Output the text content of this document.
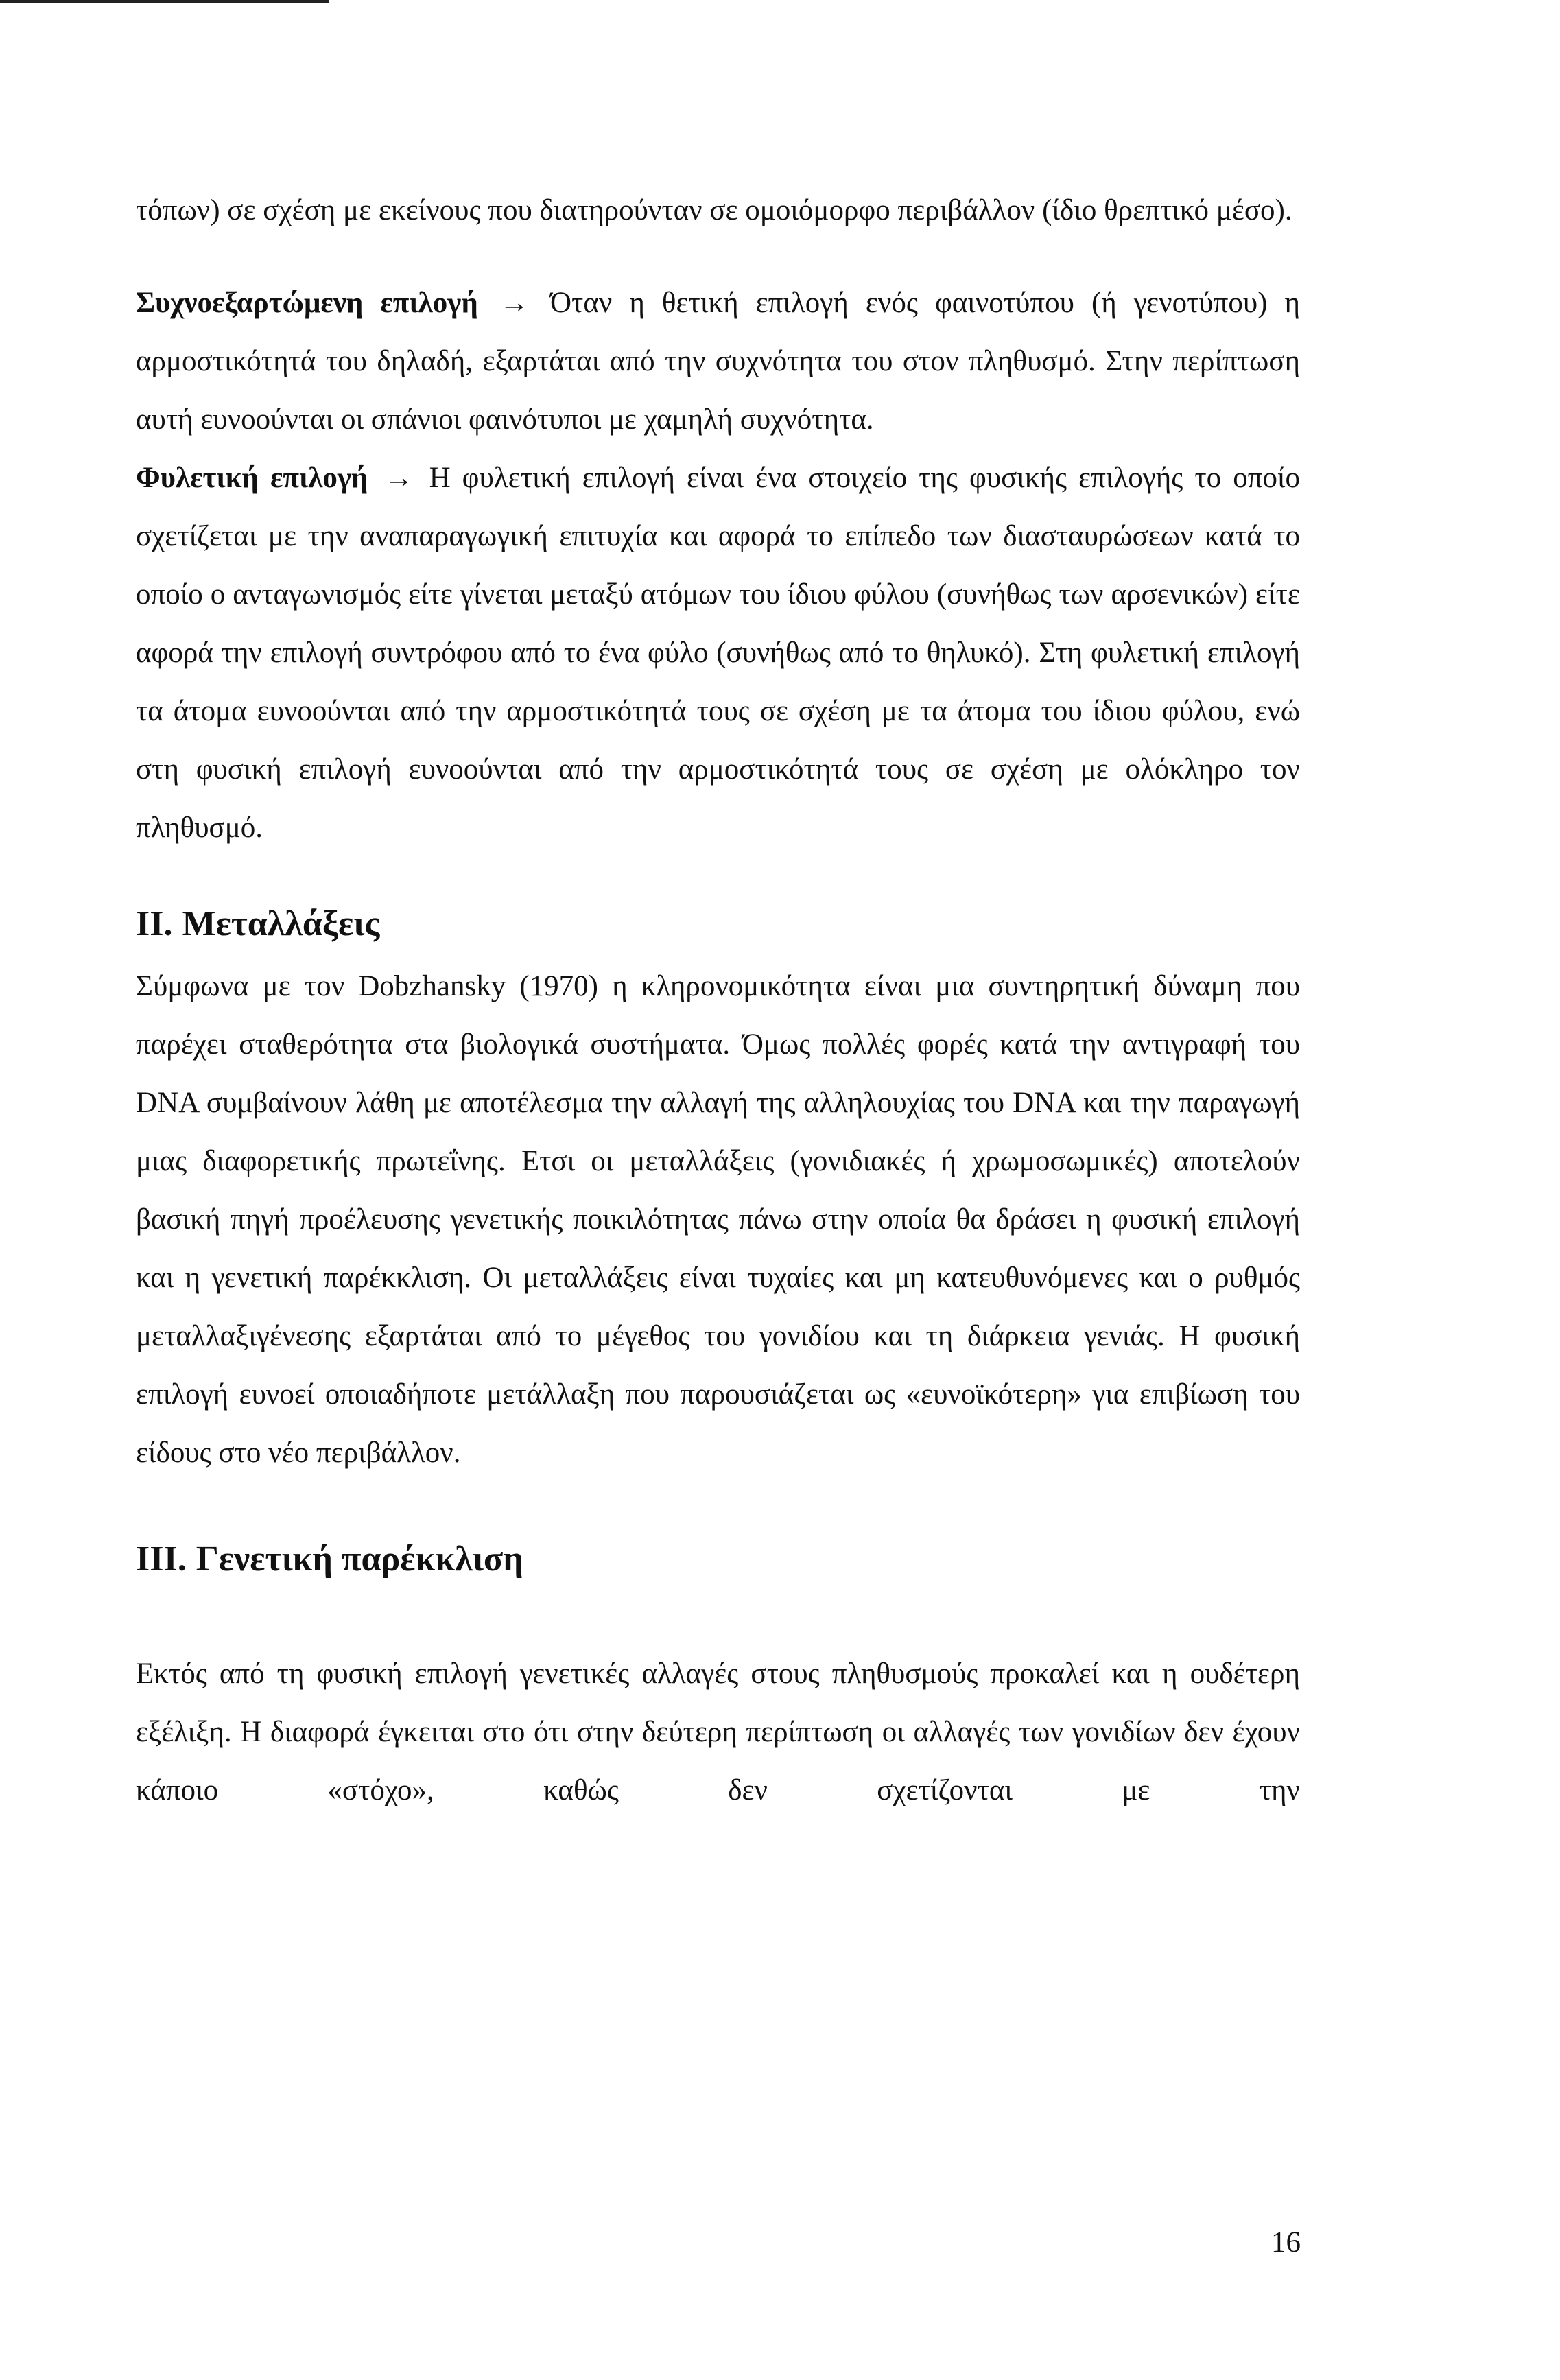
τόπων) σε σχέση με εκείνους που διατηρούνταν σε ομοιόμορφο περιβάλλον (ίδιο θρεπτικό μέσο).

Συχνοεξαρτώμενη επιλογή → Όταν η θετική επιλογή ενός φαινοτύπου (ή γενοτύπου) η αρμοστικότητά του δηλαδή, εξαρτάται από την συχνότητα του στον πληθυσμό. Στην περίπτωση αυτή ευνοούνται οι σπάνιοι φαινότυποι με χαμηλή συχνότητα.

Φυλετική επιλογή → Η φυλετική επιλογή είναι ένα στοιχείο της φυσικής επιλογής το οποίο σχετίζεται με την αναπαραγωγική επιτυχία και αφορά το επίπεδο των διασταυρώσεων κατά το οποίο ο ανταγωνισμός είτε γίνεται μεταξύ ατόμων του ίδιου φύλου (συνήθως των αρσενικών) είτε αφορά την επιλογή συντρόφου από το ένα φύλο (συνήθως από το θηλυκό). Στη φυλετική επιλογή τα άτομα ευνοούνται από την αρμοστικότητά τους σε σχέση με τα άτομα του ίδιου φύλου, ενώ στη φυσική επιλογή ευνοούνται από την αρμοστικότητά τους σε σχέση με ολόκληρο τον πληθυσμό.

II. Μεταλλάξεις

Σύμφωνα με τον Dobzhansky (1970) η κληρονομικότητα είναι μια συντηρητική δύναμη που παρέχει σταθερότητα στα βιολογικά συστήματα. Όμως πολλές φορές κατά την αντιγραφή του DNA συμβαίνουν λάθη με αποτέλεσμα την αλλαγή της αλληλουχίας του DNA και την παραγωγή μιας διαφορετικής πρωτεΐνης. Ετσι οι μεταλλάξεις (γονιδιακές ή χρωμοσωμικές) αποτελούν βασική πηγή προέλευσης γενετικής ποικιλότητας πάνω στην οποία θα δράσει η φυσική επιλογή και η γενετική παρέκκλιση. Οι μεταλλάξεις είναι τυχαίες και μη κατευθυνόμενες και ο ρυθμός μεταλλαξιγένεσης εξαρτάται από το μέγεθος του γονιδίου και τη διάρκεια γενιάς. Η φυσική επιλογή ευνοεί οποιαδήποτε μετάλλαξη που παρουσιάζεται ως «ευνοϊκότερη» για επιβίωση του είδους στο νέο περιβάλλον.

III. Γενετική παρέκκλιση

Εκτός από τη φυσική επιλογή γενετικές αλλαγές στους πληθυσμούς προκαλεί και η ουδέτερη εξέλιξη. Η διαφορά έγκειται στο ότι στην δεύτερη περίπτωση οι αλλαγές των γονιδίων δεν έχουν κάποιο «στόχο», καθώς δεν σχετίζονται με την

16
